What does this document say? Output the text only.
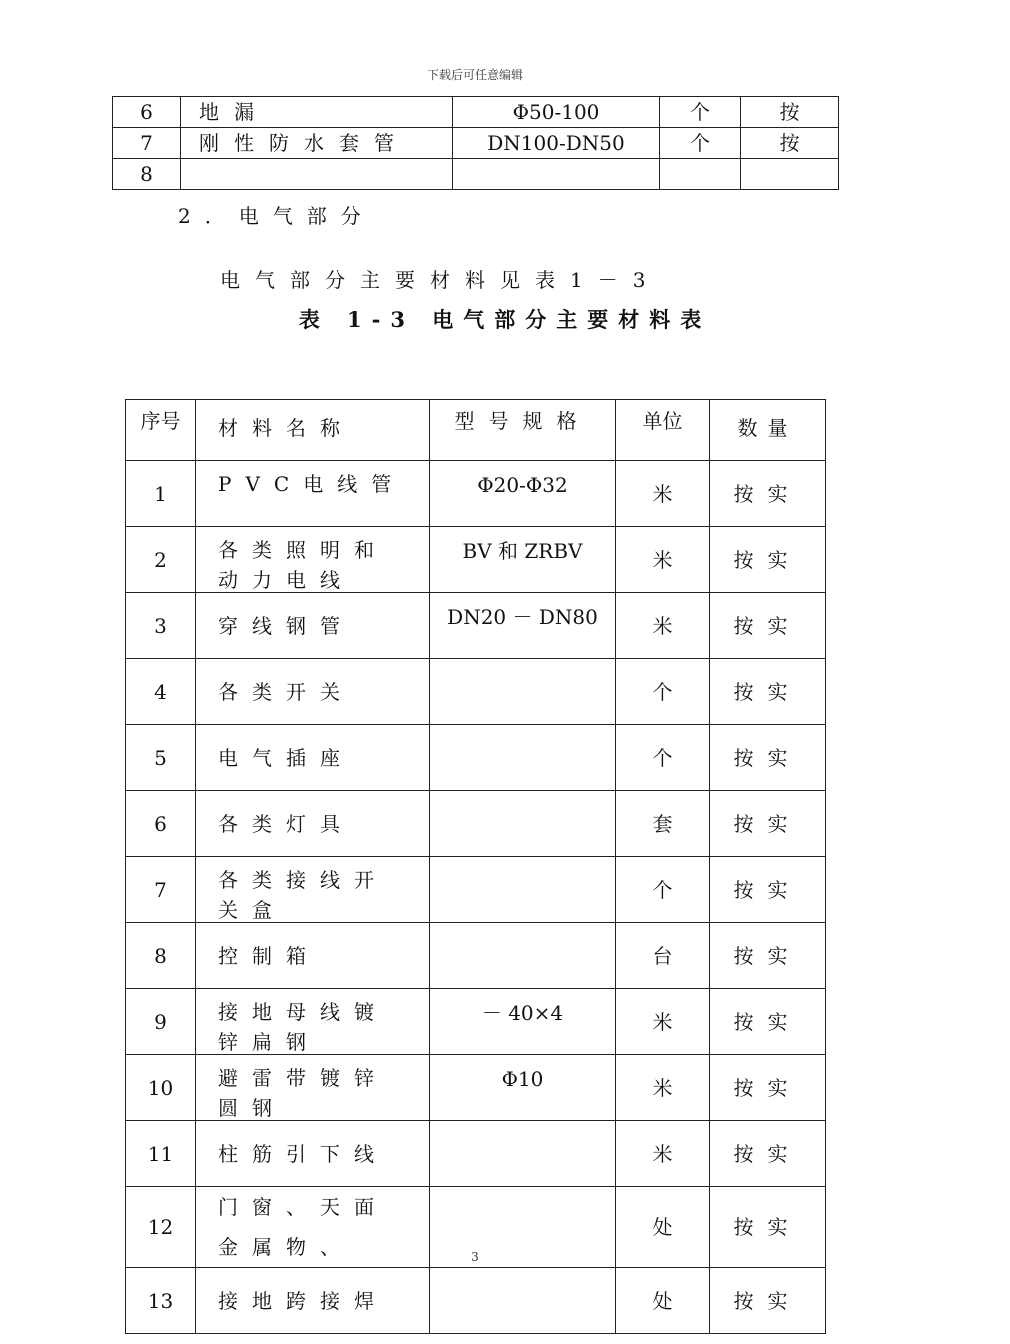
下载后可任意编辑
6	地漏	Φ50-100	个	按
7	刚性防水套管	DN100-DN50	个	按
8				
2．电气部分
电气部分主要材料见表1－3
表 1-3 电气部分主要材料表
序号	材料名称	型号规格	单位	数量

1	PVC电线管	Φ20-Φ32	米	按实
2	各类照明和动力电线	BV 和 ZRBV	米	按实
3	穿线钢管	DN20 － DN80	米	按实
4	各类开关		个	按实
5	电气插座		个	按实
6	各类灯具		套	按实
7	各类接线开关盒		个	按实
8	控制箱		台	按实
9	接地母线镀锌扁钢	－ 40×4	米	按实
10	避雷带镀锌圆钢	Φ10	米	按实
11	柱筋引下线		米	按实
12	门窗、天面金属物、		处	按实
13	接地跨接焊		处	按实
3
